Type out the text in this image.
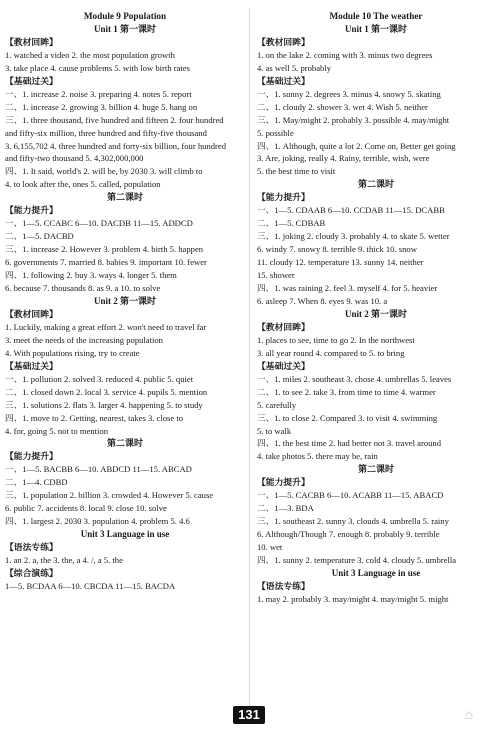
Module 9 Population
Unit 1 第一课时
【教材回眸】
1. watched a video 2. the most population growth
3. take place 4. cause problems 5. with low birth rates
【基础过关】
一、1. increase 2. noise 3. preparing 4. notes 5. report
二、1. increase 2. growing 3. billion 4. huge 5. hang on
三、1. three thousand, five hundred and fifteen 2. four hundred
and fifty-six million, three hundred and fifty-five thousand
3. 6,155,702 4. three hundred and forty-six billion, four hundred
and fifty-two thousand 5. 4,302,000,000
四、1. It said, world's 2. will be, by 2030 3. will climb to
4. to look after the, ones 5. called, population
第二课时
【能力提升】
一、1—5. CCABC 6—10. DACDB 11—15. ADDCD
二、1—5. DACBD
三、1. increase 2. However 3. problem 4. birth 5. happen
6. governments 7. married 8. babies 9. important 10. fewer
四、1. following 2. buy 3. ways 4. longer 5. them
6. because 7. thousands 8. as 9. a 10. to solve
Unit 2 第一课时
【教材回眸】
1. Luckily, making a great effort 2. won't need to travel far
3. meet the needs of the increasing population
4. With populations rising, try to create
【基础过关】
一、1. pollution 2. solved 3. reduced 4. public 5. quiet
二、1. closed down 2. local 3. service 4. pupils 5. mention
三、1. solutions 2. flats 3. larger 4. happening 5. to study
四、1. move to 2. Getting, nearest, takes 3. close to
4. for, going 5. not to mention
第二课时
【能力提升】
一、1—5. BACBB 6—10. ABDCD 11—15. ABCAD
二、1—4. CDBD
三、1. population 2. billion 3. crowded 4. However 5. cause
6. public 7. accidents 8. local 9. close 10. solve
四、1. largest 2. 2030 3. population 4. problem 5. 4.6
Unit 3 Language in use
【语法专练】
1. an 2. a, the 3. the, a 4. /, a 5. the
【综合演练】
1—5. BCDAA 6—10. CBCDA 11—15. BACDA
Module 10 The weather
Unit 1 第一课时
【教材回眸】
1. on the lake 2. coming with 3. minus two degrees
4. as well 5. probably
【基础过关】
一、1. sunny 2. degrees 3. minus 4. snowy 5. skating
二、1. cloudy 2. shower 3. wet 4. Wish 5. neither
三、1. May/might 2. probably 3. possible 4. may/might
5. possible
四、1. Although, quite a lot 2. Come on, Better get going
3. Are, joking, really 4. Rainy, terrible, wish, were
5. the best time to visit
第二课时
【能力提升】
一、1—5. CDAAB 6—10. CCDAB 11—15. DCABB
二、1—5. CDBAB
三、1. joking 2. cloudy 3. probably 4. to skate 5. wetter
6. windy 7. snowy 8. terrible 9. thick 10. snow
11. cloudy 12. temperature 13. sunny 14. neither
15. shower
四、1. was raining 2. feel 3. myself 4. for 5. heavier
6. asleep 7. When 8. eyes 9. was 10. a
Unit 2 第一课时
【教材回眸】
1. places to see, time to go 2. In the northwest
3. all year round 4. compared to 5. to bring
【基础过关】
一、1. miles 2. southeast 3. chose 4. umbrellas 5. leaves
二、1. to see 2. take 3. from time to time 4. warmer
5. carefully
三、1. to close 2. Compared 3. to visit 4. swimming
5. to walk
四、1. the best time 2. had better not 3. travel around
4. take photos 5. there may be, rain
第二课时
【能力提升】
一、1—5. CACBB 6—10. ACABB 11—15. ABACD
二、1—3. BDA
三、1. southeast 2. sunny 3. clouds 4. umbrella 5. rainy
6. Although/Though 7. enough 8. probably 9. terrible
10. wet
四、1. sunny 2. temperature 3. cold 4. cloudy 5. umbrella
Unit 3 Language in use
【语法专练】
1. may 2. probably 3. may/might 4. may/might 5. might
131	⌂
